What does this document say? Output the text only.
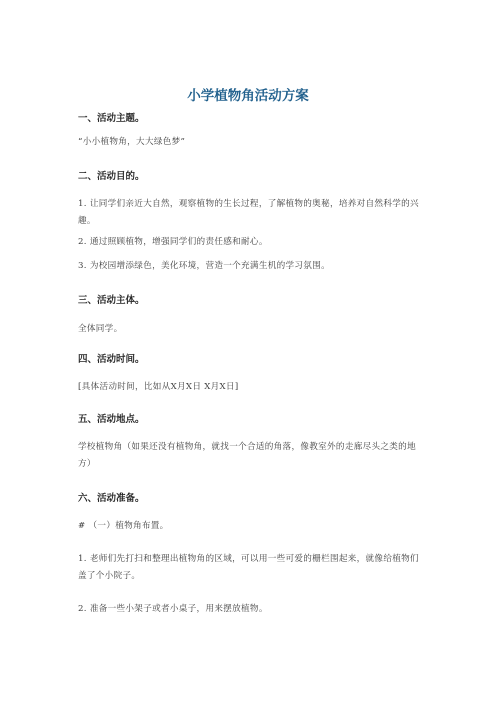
小学植物角活动方案
一、活动主题。
“小小植物角，大大绿色梦”
二、活动目的。
1. 让同学们亲近大自然，观察植物的生长过程，了解植物的奥秘，培养对自然科学的兴趣。
2. 通过照顾植物，增强同学们的责任感和耐心。
3. 为校园增添绿色，美化环境，营造一个充满生机的学习氛围。
三、活动主体。
全体同学。
四、活动时间。
[具体活动时间，比如从X月X日 X月X日]
五、活动地点。
学校植物角（如果还没有植物角，就找一个合适的角落，像教室外的走廊尽头之类的地方）
六、活动准备。
# （一）植物角布置。
1. 老师们先打扫和整理出植物角的区域，可以用一些可爱的栅栏围起来，就像给植物们盖了个小院子。
2. 准备一些小架子或者小桌子，用来摆放植物。
